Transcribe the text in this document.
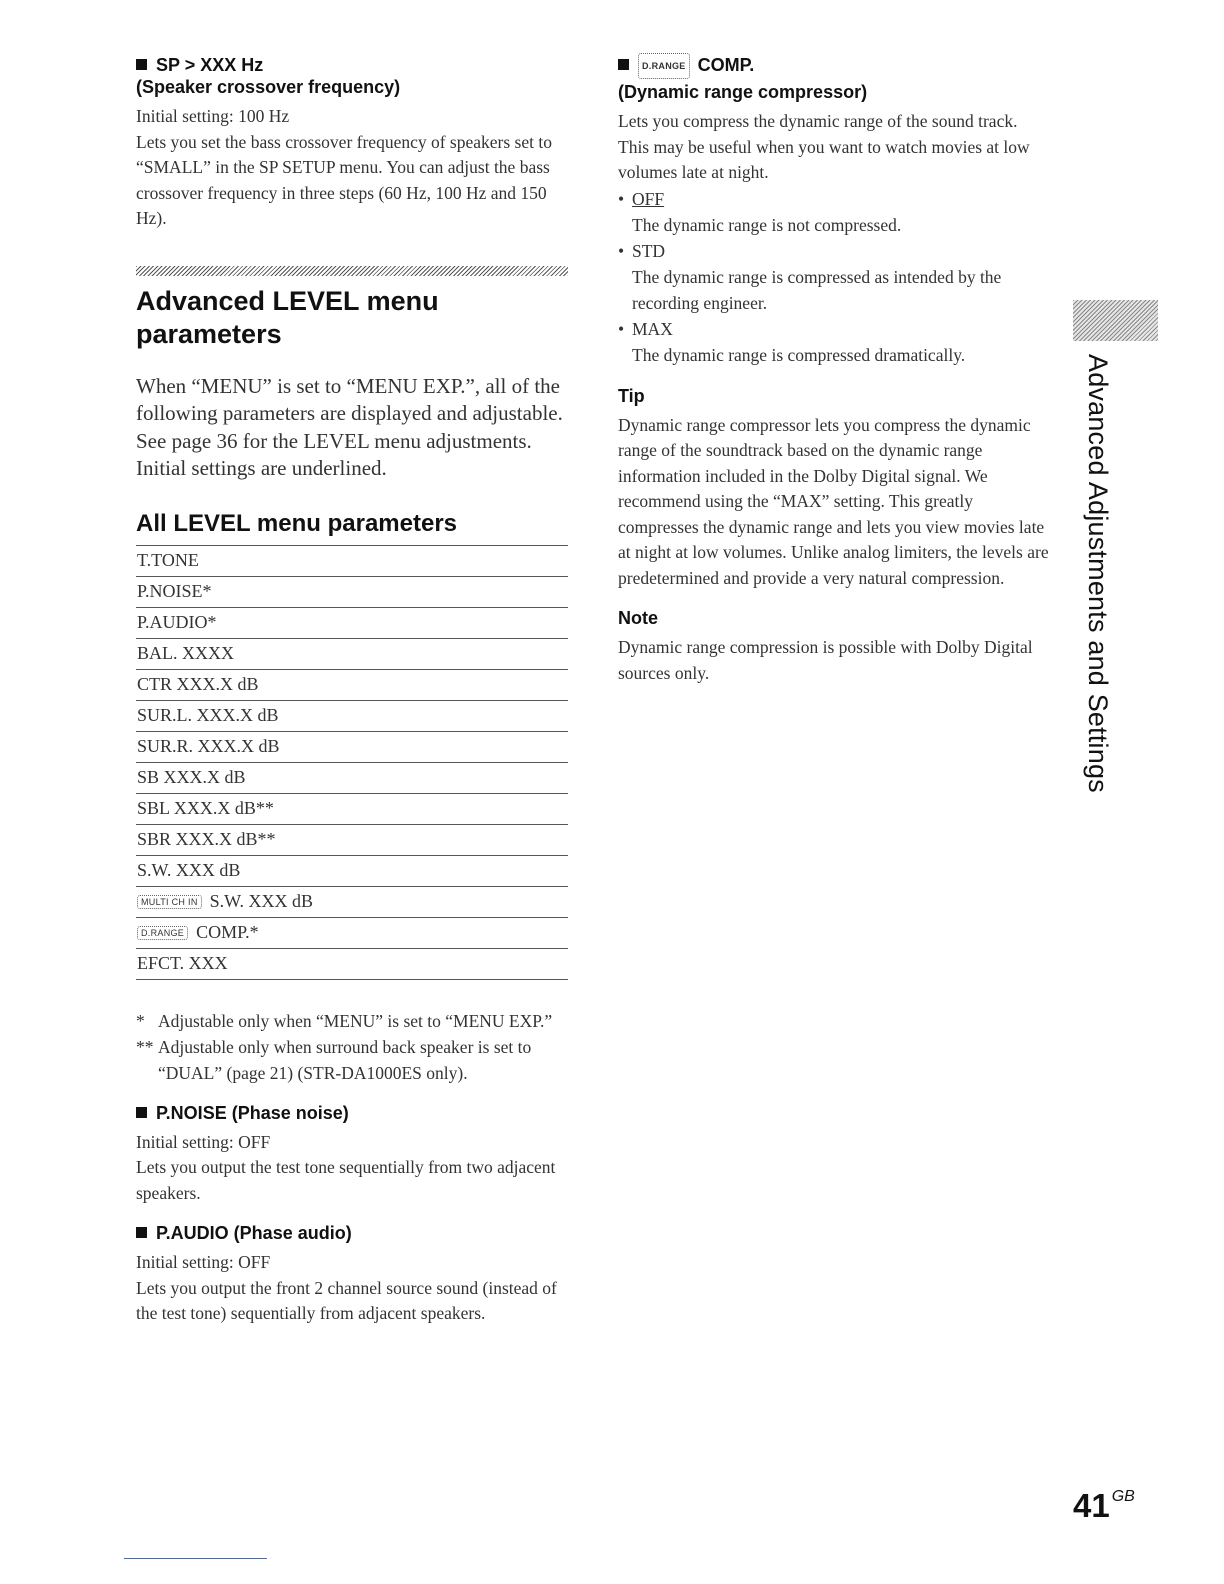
SP > XXX Hz

(Speaker crossover frequency)

Initial setting: 100 Hz

Lets you set the bass crossover frequency of speakers set to “SMALL” in the SP SETUP menu. You can adjust the bass crossover frequency in three steps (60 Hz, 100 Hz and 150 Hz).

Advanced LEVEL menu parameters

When “MENU” is set to “MENU EXP.”, all of the following parameters are displayed and adjustable.

See page 36 for the LEVEL menu adjustments.

Initial settings are underlined.

All LEVEL menu parameters
T.TONE
P.NOISE*
P.AUDIO*
BAL. XXXX
CTR XXX.X dB
SUR.L. XXX.X dB
SUR.R. XXX.X dB
SB XXX.X dB
SBL XXX.X dB**
SBR XXX.X dB**
S.W. XXX dB
MULTI CH IN S.W. XXX dB
D.RANGE COMP.*
EFCT. XXX
* Adjustable only when “MENU” is set to “MENU EXP.”
** Adjustable only when surround back speaker is set to “DUAL” (page 21) (STR-DA1000ES only).

P.NOISE (Phase noise)

Initial setting: OFF

Lets you output the test tone sequentially from two adjacent speakers.

P.AUDIO (Phase audio)

Initial setting: OFF

Lets you output the front 2 channel source sound (instead of the test tone) sequentially from adjacent speakers.

D.RANGE COMP.

(Dynamic range compressor)

Lets you compress the dynamic range of the sound track. This may be useful when you want to watch movies at low volumes late at night.

• OFF

The dynamic range is not compressed.

• STD

The dynamic range is compressed as intended by the recording engineer.

• MAX

The dynamic range is compressed dramatically.

Tip

Dynamic range compressor lets you compress the dynamic range of the soundtrack based on the dynamic range information included in the Dolby Digital signal. We recommend using the “MAX” setting. This greatly compresses the dynamic range and lets you view movies late at night at low volumes. Unlike analog limiters, the levels are predetermined and provide a very natural compression.

Note

Dynamic range compression is possible with Dolby Digital sources only.	Advanced Adjustments and Settings
41 $^{GB}$
